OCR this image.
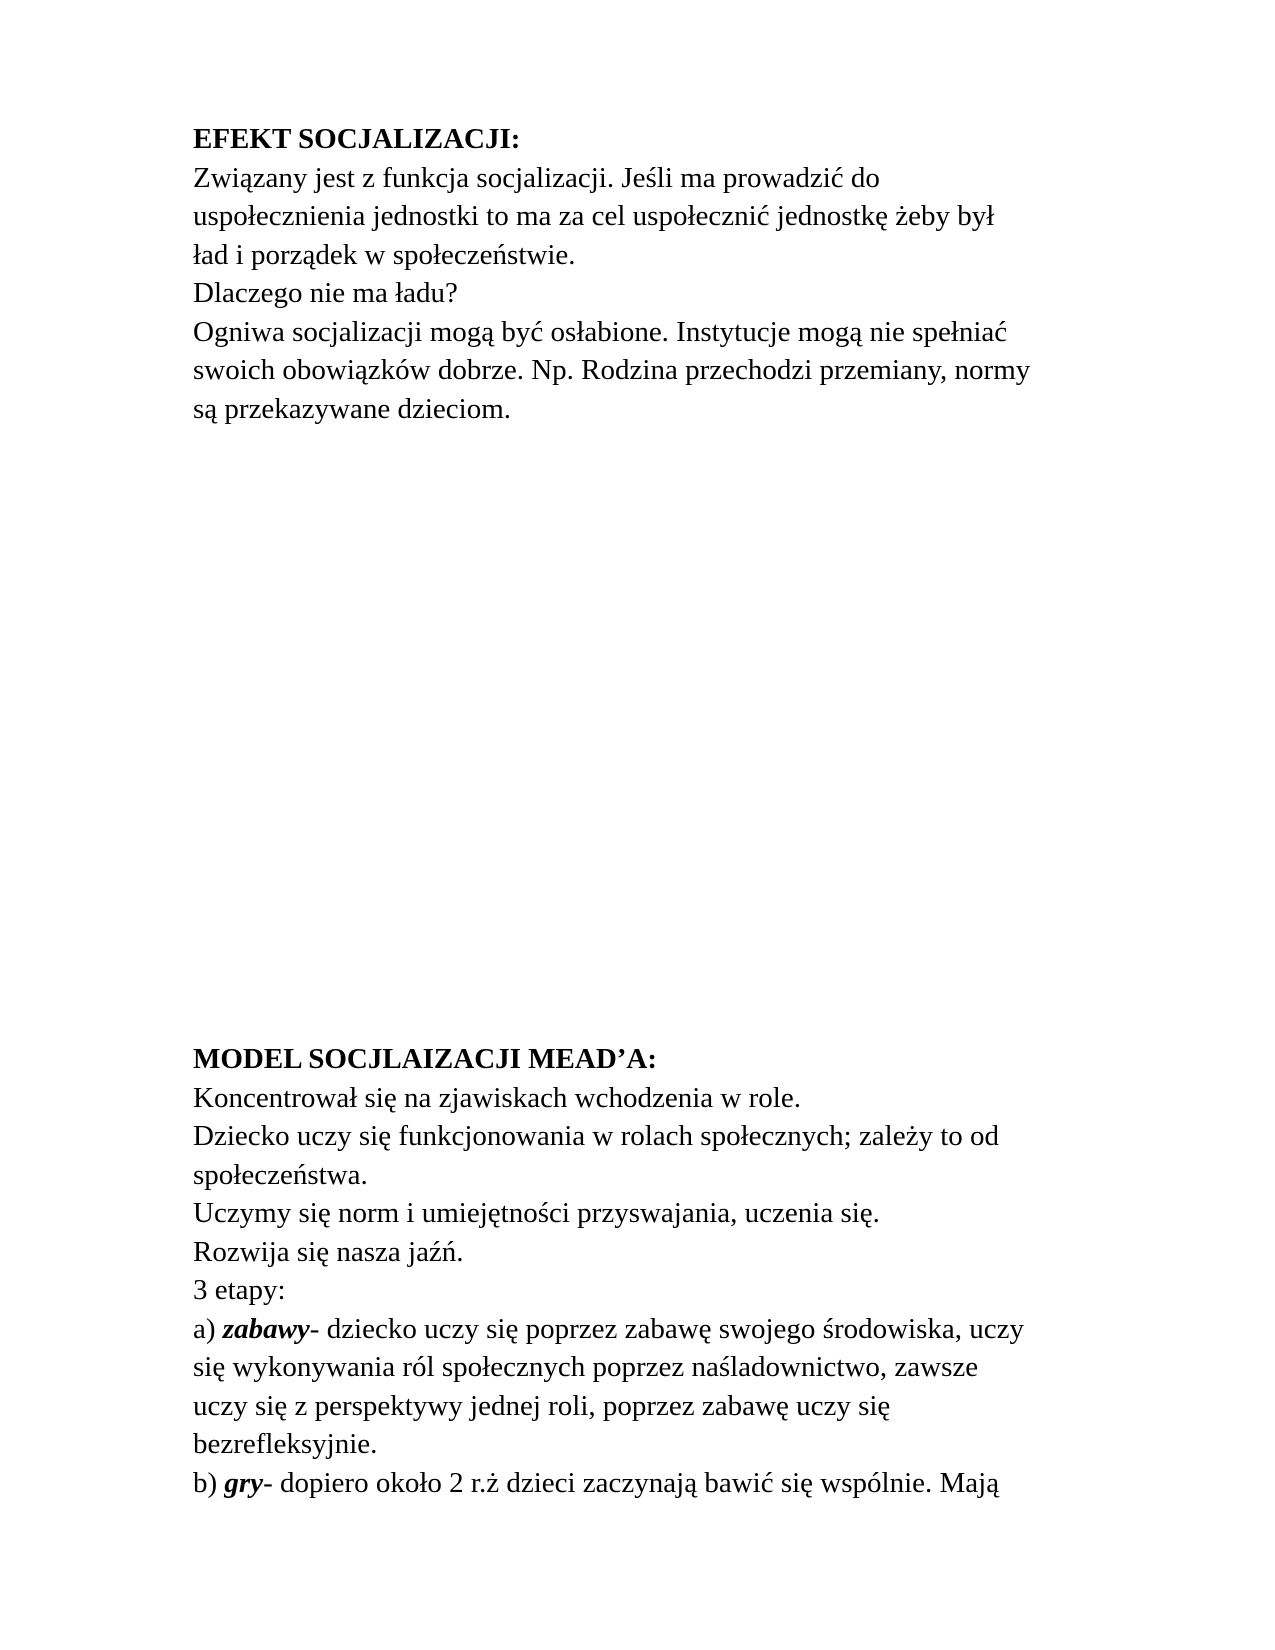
EFEKT SOCJALIZACJI:

Związany jest z funkcja socjalizacji. Jeśli ma prowadzić do

uspołecznienia jednostki to ma za cel uspołecznić jednostkę żeby był

ład i porządek w społeczeństwie.

Dlaczego nie ma ładu?

Ogniwa socjalizacji mogą być osłabione. Instytucje mogą nie spełniać

swoich obowiązków dobrze. Np. Rodzina przechodzi przemiany, normy

są przekazywane dzieciom.

MODEL SOCJLAIZACJI MEAD’A:

Koncentrował się na zjawiskach wchodzenia w role.

Dziecko uczy się funkcjonowania w rolach społecznych; zależy to od

społeczeństwa.

Uczymy się norm i umiejętności przyswajania, uczenia się.

Rozwija się nasza jaźń.

3 etapy:

a) zabawy- dziecko uczy się poprzez zabawę swojego środowiska, uczy

się wykonywania ról społecznych poprzez naśladownictwo, zawsze

uczy się z perspektywy jednej roli, poprzez zabawę uczy się

bezrefleksyjnie.

b) gry- dopiero około 2 r.ż dzieci zaczynają bawić się wspólnie. Mają
